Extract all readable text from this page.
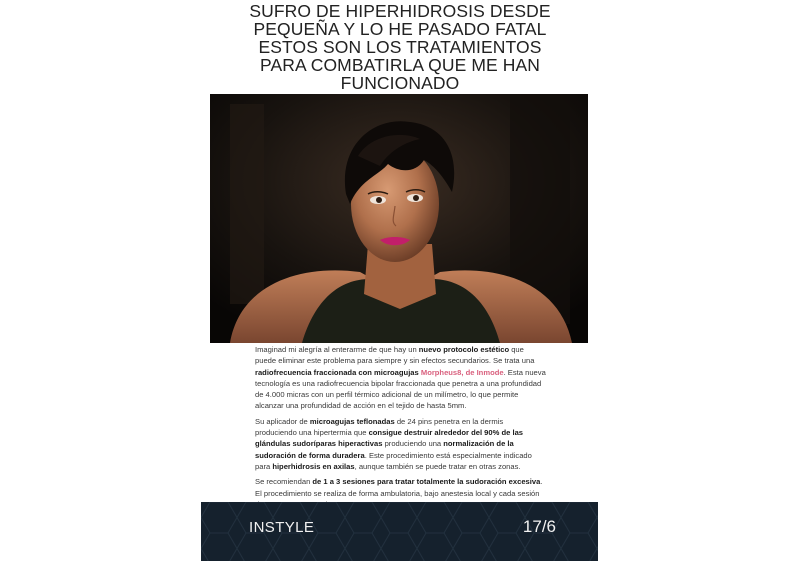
SUFRO DE HIPERHIDROSIS DESDE
PEQUEÑA Y LO HE PASADO FATAL
ESTOS SON LOS TRATAMIENTOS
PARA COMBATIRLA QUE ME HAN
FUNCIONADO

Imaginad mi alegría al enterarme de que hay un nuevo protocolo estético que puede eliminar este problema para siempre y sin efectos secundarios. Se trata una radiofrecuencia fraccionada con microagujas Morpheus8, de Inmode. Esta nueva tecnología es una radiofrecuencia bipolar fraccionada que penetra a una profundidad de 4.000 micras con un perfil térmico adicional de un milímetro, lo que permite alcanzar una profundidad de acción en el tejido de hasta 5mm.

Su aplicador de microagujas teflonadas de 24 pins penetra en la dermis produciendo una hipertermia que consigue destruir alrededor del 90% de las glándulas sudoríparas hiperactivas produciendo una normalización de la sudoración de forma duradera. Este procedimiento está especialmente indicado para hiperhidrosis en axilas, aunque también se puede tratar en otras zonas.

Se recomiendan de 1 a 3 sesiones para tratar totalmente la sudoración excesiva. El procedimiento se realiza de forma ambulatoria, bajo anestesia local y cada sesión

INSTYLE	17/6
